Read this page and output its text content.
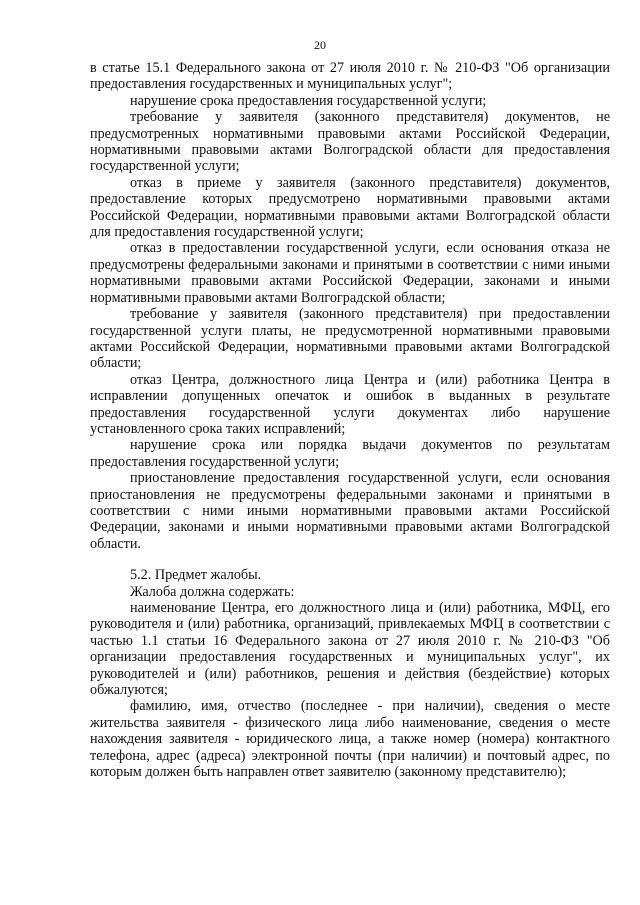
20

в статье 15.1 Федерального закона от 27 июля 2010 г. № 210-ФЗ "Об организации предоставления государственных и муниципальных услуг";

нарушение срока предоставления государственной услуги;

требование у заявителя (законного представителя) документов, не предусмотренных нормативными правовыми актами Российской Федерации, нормативными правовыми актами Волгоградской области для предоставления государственной услуги;

отказ в приеме у заявителя (законного представителя) документов, предоставление которых предусмотрено нормативными правовыми актами Российской Федерации, нормативными правовыми актами Волгоградской области для предоставления государственной услуги;

отказ в предоставлении государственной услуги, если основания отказа не предусмотрены федеральными законами и принятыми в соответствии с ними иными нормативными правовыми актами Российской Федерации, законами и иными нормативными правовыми актами Волгоградской области;

требование у заявителя (законного представителя) при предоставлении государственной услуги платы, не предусмотренной нормативными правовыми актами Российской Федерации, нормативными правовыми актами Волгоградской области;

отказ Центра, должностного лица Центра и (или) работника Центра в исправлении допущенных опечаток и ошибок в выданных в результате предоставления государственной услуги документах либо нарушение установленного срока таких исправлений;

нарушение срока или порядка выдачи документов по результатам предоставления государственной услуги;

приостановление предоставления государственной услуги, если основания приостановления не предусмотрены федеральными законами и принятыми в соответствии с ними иными нормативными правовыми актами Российской Федерации, законами и иными нормативными правовыми актами Волгоградской области.

5.2. Предмет жалобы.

Жалоба должна содержать:

наименование Центра, его должностного лица и (или) работника, МФЦ, его руководителя и (или) работника, организаций, привлекаемых МФЦ в соответствии с частью 1.1 статьи 16 Федерального закона от 27 июля 2010 г. № 210-ФЗ "Об организации предоставления государственных и муниципальных услуг", их руководителей и (или) работников, решения и действия (бездействие) которых обжалуются;

фамилию, имя, отчество (последнее - при наличии), сведения о месте жительства заявителя - физического лица либо наименование, сведения о месте нахождения заявителя - юридического лица, а также номер (номера) контактного телефона, адрес (адреса) электронной почты (при наличии) и почтовый адрес, по которым должен быть направлен ответ заявителю (законному представителю);
